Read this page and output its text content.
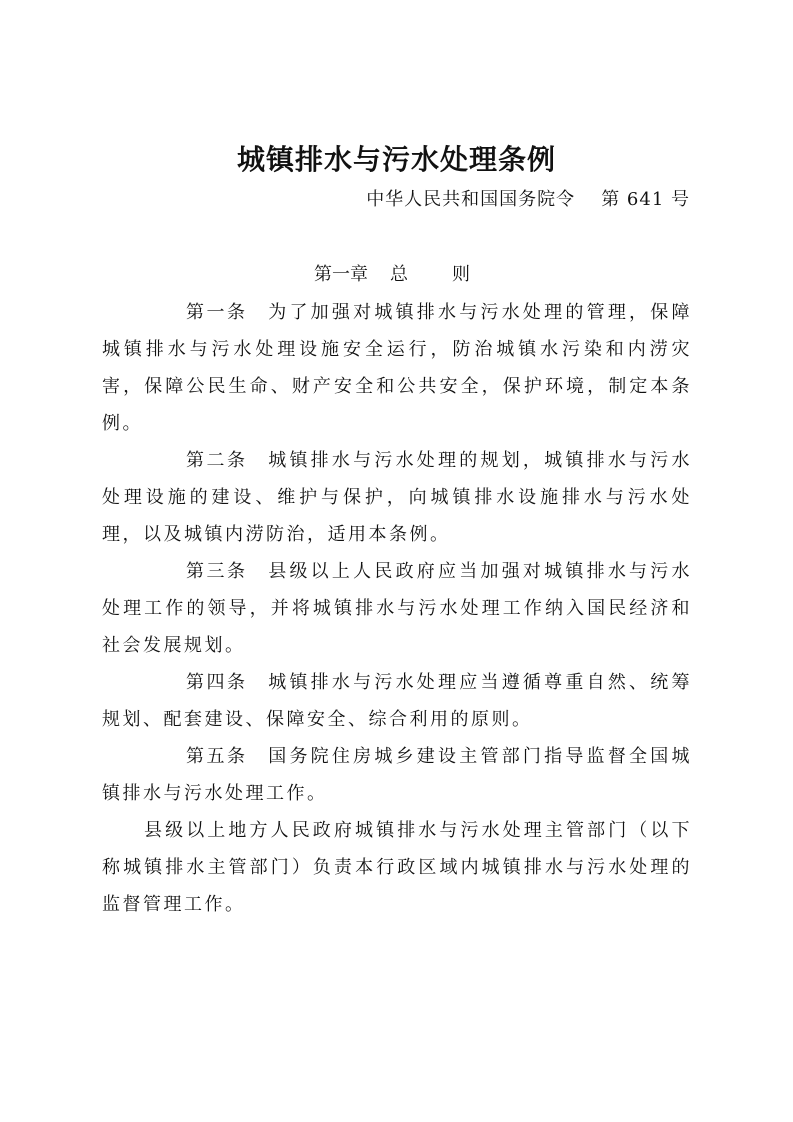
城镇排水与污水处理条例
中华人民共和国国务院令 第 641 号
第一章 总 则

第一条 为了加强对城镇排水与污水处理的管理，保障城镇排水与污水处理设施安全运行，防治城镇水污染和内涝灾害，保障公民生命、财产安全和公共安全，保护环境，制定本条例。

第二条 城镇排水与污水处理的规划，城镇排水与污水处理设施的建设、维护与保护，向城镇排水设施排水与污水处理，以及城镇内涝防治，适用本条例。

第三条 县级以上人民政府应当加强对城镇排水与污水处理工作的领导，并将城镇排水与污水处理工作纳入国民经济和社会发展规划。

第四条 城镇排水与污水处理应当遵循尊重自然、统筹规划、配套建设、保障安全、综合利用的原则。

第五条 国务院住房城乡建设主管部门指导监督全国城镇排水与污水处理工作。

县级以上地方人民政府城镇排水与污水处理主管部门（以下称城镇排水主管部门）负责本行政区域内城镇排水与污水处理的监督管理工作。
